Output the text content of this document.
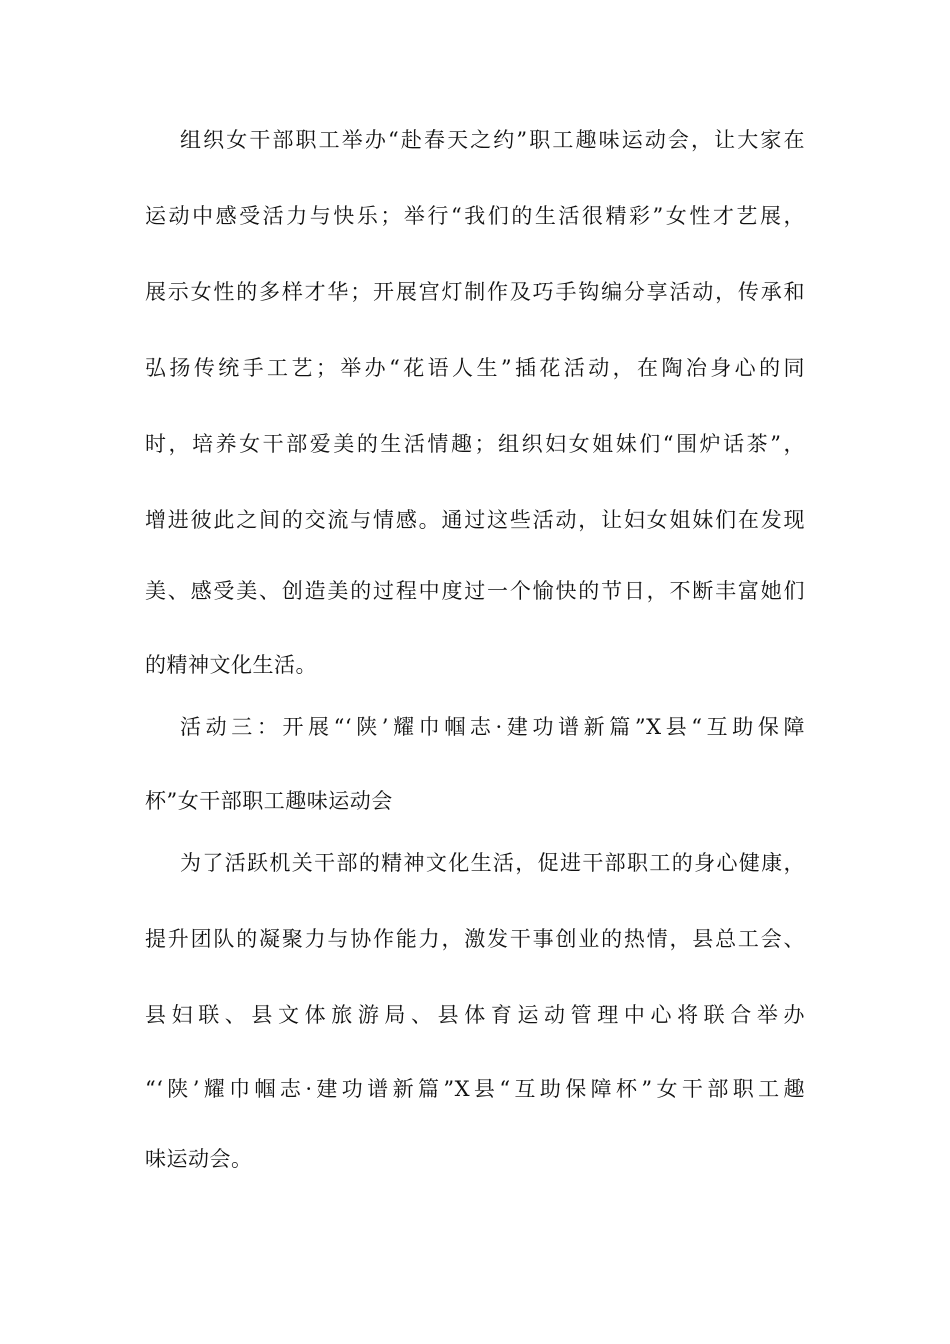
组织女干部职工举办“赴春天之约”职工趣味运动会，让大家在
运动中感受活力与快乐；举行“我们的生活很精彩”女性才艺展，
展示女性的多样才华；开展宫灯制作及巧手钩编分享活动，传承和
弘扬传统手工艺；举办“花语人生”插花活动，在陶冶身心的同
时，培养女干部爱美的生活情趣；组织妇女姐妹们“围炉话茶”，
增进彼此之间的交流与情感。通过这些活动，让妇女姐妹们在发现
美、感受美、创造美的过程中度过一个愉快的节日，不断丰富她们
的精神文化生活。
活动三：开展“‘陕’耀巾帼志·建功谱新篇”X县“互助保障
杯”女干部职工趣味运动会
为了活跃机关干部的精神文化生活，促进干部职工的身心健康，
提升团队的凝聚力与协作能力，激发干事创业的热情，县总工会、
县妇联、县文体旅游局、县体育运动管理中心将联合举办
“‘陕’耀巾帼志·建功谱新篇”X县“互助保障杯”女干部职工趣
味运动会。
